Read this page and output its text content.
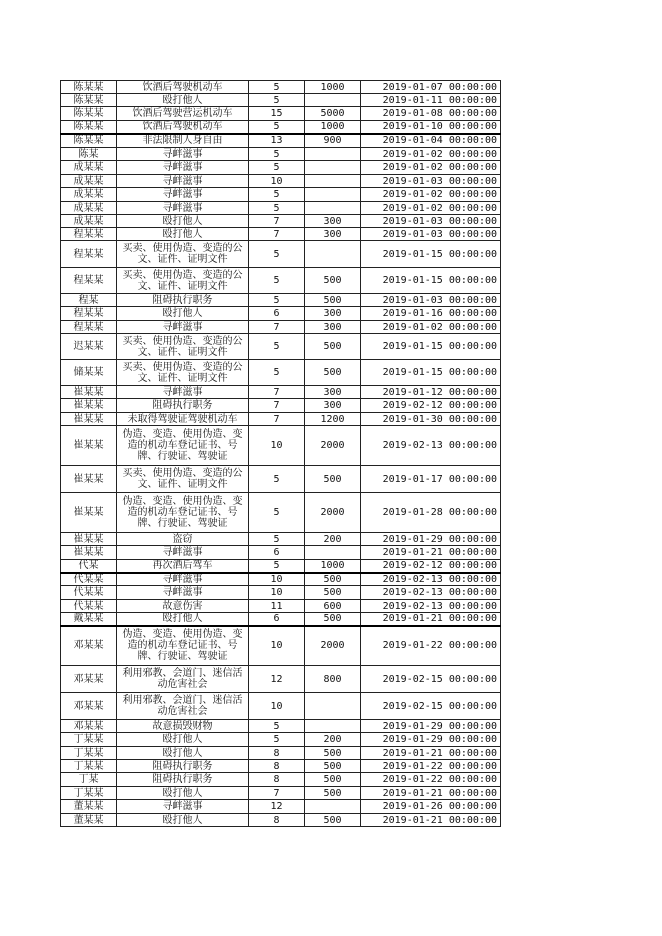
陈某某	饮酒后驾驶机动车	5	1000	2019-01-07 00:00:00
陈某某	殴打他人	5		2019-01-11 00:00:00
陈某某	饮酒后驾驶营运机动车	15	5000	2019-01-08 00:00:00
陈某某	饮酒后驾驶机动车	5	1000	2019-01-10 00:00:00
陈某某	非法限制人身自由	13	900	2019-01-04 00:00:00
陈某	寻衅滋事	5		2019-01-02 00:00:00
成某某	寻衅滋事	5		2019-01-02 00:00:00
成某某	寻衅滋事	10		2019-01-03 00:00:00
成某某	寻衅滋事	5		2019-01-02 00:00:00
成某某	寻衅滋事	5		2019-01-02 00:00:00
成某某	殴打他人	7	300	2019-01-03 00:00:00
程某某	殴打他人	7	300	2019-01-03 00:00:00
程某某	买卖、使用伪造、变造的公文、证件、证明文件	5		2019-01-15 00:00:00
程某某	买卖、使用伪造、变造的公文、证件、证明文件	5	500	2019-01-15 00:00:00
程某	阻碍执行职务	5	500	2019-01-03 00:00:00
程某某	殴打他人	6	300	2019-01-16 00:00:00
程某某	寻衅滋事	7	300	2019-01-02 00:00:00
迟某某	买卖、使用伪造、变造的公文、证件、证明文件	5	500	2019-01-15 00:00:00
储某某	买卖、使用伪造、变造的公文、证件、证明文件	5	500	2019-01-15 00:00:00
崔某某	寻衅滋事	7	300	2019-01-12 00:00:00
崔某某	阻碍执行职务	7	300	2019-02-12 00:00:00
崔某某	未取得驾驶证驾驶机动车	7	1200	2019-01-30 00:00:00
崔某某	伪造、变造、使用伪造、变造的机动车登记证书、号牌、行驶证、驾驶证	10	2000	2019-02-13 00:00:00
崔某某	买卖、使用伪造、变造的公文、证件、证明文件	5	500	2019-01-17 00:00:00
崔某某	伪造、变造、使用伪造、变造的机动车登记证书、号牌、行驶证、驾驶证	5	2000	2019-01-28 00:00:00
崔某某	盗窃	5	200	2019-01-29 00:00:00
崔某某	寻衅滋事	6		2019-01-21 00:00:00
代某	再次酒后驾车	5	1000	2019-02-12 00:00:00
代某某	寻衅滋事	10	500	2019-02-13 00:00:00
代某某	寻衅滋事	10	500	2019-02-13 00:00:00
代某某	故意伤害	11	600	2019-02-13 00:00:00
戴某某	殴打他人	6	500	2019-01-21 00:00:00
邓某某	伪造、变造、使用伪造、变造的机动车登记证书、号牌、行驶证、驾驶证	10	2000	2019-01-22 00:00:00
邓某某	利用邪教、会道门、迷信活动危害社会	12	800	2019-02-15 00:00:00
邓某某	利用邪教、会道门、迷信活动危害社会	10		2019-02-15 00:00:00
邓某某	故意损毁财物	5		2019-01-29 00:00:00
丁某某	殴打他人	5	200	2019-01-29 00:00:00
丁某某	殴打他人	8	500	2019-01-21 00:00:00
丁某某	阻碍执行职务	8	500	2019-01-22 00:00:00
丁某	阻碍执行职务	8	500	2019-01-22 00:00:00
丁某某	殴打他人	7	500	2019-01-21 00:00:00
董某某	寻衅滋事	12		2019-01-26 00:00:00
董某某	殴打他人	8	500	2019-01-21 00:00:00
